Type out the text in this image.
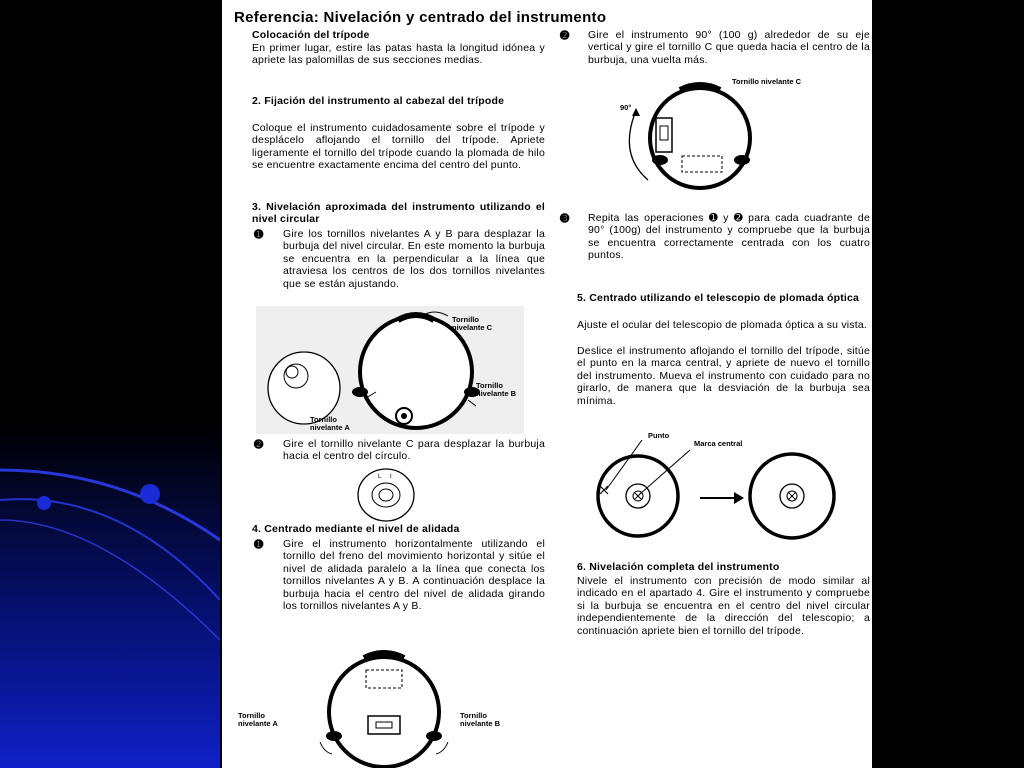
Referencia: Nivelación y centrado del instrumento
Colocación del trípode
En primer lugar, estire las patas hasta la longitud idónea y apriete las palomillas de sus secciones medias.
2. Fijación del instrumento al cabezal del trípode
Coloque el instrumento cuidadosamente sobre el trípode y desplácelo aflojando el tornillo del trípode. Apriete ligeramente el tornillo del trípode cuando la plomada de hilo se encuentre exactamente encima del centro del punto.
3. Nivelación aproximada del instrumento utilizando el nivel circular
➊ Gire los tornillos nivelantes A y B para desplazar la burbuja del nivel circular. En este momento la burbuja se encuentra en la perpendicular a la línea que atraviesa los centros de los dos tornillos nivelantes que se están ajustando.
Tornillo nivelante C
Tornillo nivelante B
Tornillo nivelante A
➋ Gire el tornillo nivelante C para desplazar la burbuja hacia el centro del círculo.
L I
4. Centrado mediante el nivel de alidada
➊ Gire el instrumento horizontalmente utilizando el tornillo del freno del movimiento horizontal y sitúe el nivel de alidada paralelo a la línea que conecta los tornillos nivelantes A y B. A continuación desplace la burbuja hacia el centro del nivel de alidada girando los tornillos nivelantes A y B.
Tornillo nivelante A
Tornillo nivelante B
➋ Gire el instrumento 90° (100 g) alrededor de su eje vertical y gire el tornillo C que queda hacia el centro de la burbuja, una vuelta más.
Tornillo nivelante C
90°
➌ Repita las operaciones ➊ y ➋ para cada cuadrante de 90° (100g) del instrumento y compruebe que la burbuja se encuentra correctamente centrada con los cuatro puntos.
5. Centrado utilizando el telescopio de plomada óptica
Ajuste el ocular del telescopio de plomada óptica a su vista.
Deslice el instrumento aflojando el tornillo del trípode, sitúe el punto en la marca central, y apriete de nuevo el tornillo del instrumento. Mueva el instrumento con cuidado para no girarlo, de manera que la desviación de la burbuja sea mínima.
Punto
Marca central
6. Nivelación completa del instrumento
Nivele el instrumento con precisión de modo similar al indicado en el apartado 4. Gire el instrumento y compruebe si la burbuja se encuentra en el centro del nivel circular independientemente de la dirección del telescopio; a continuación apriete bien el tornillo del trípode.
